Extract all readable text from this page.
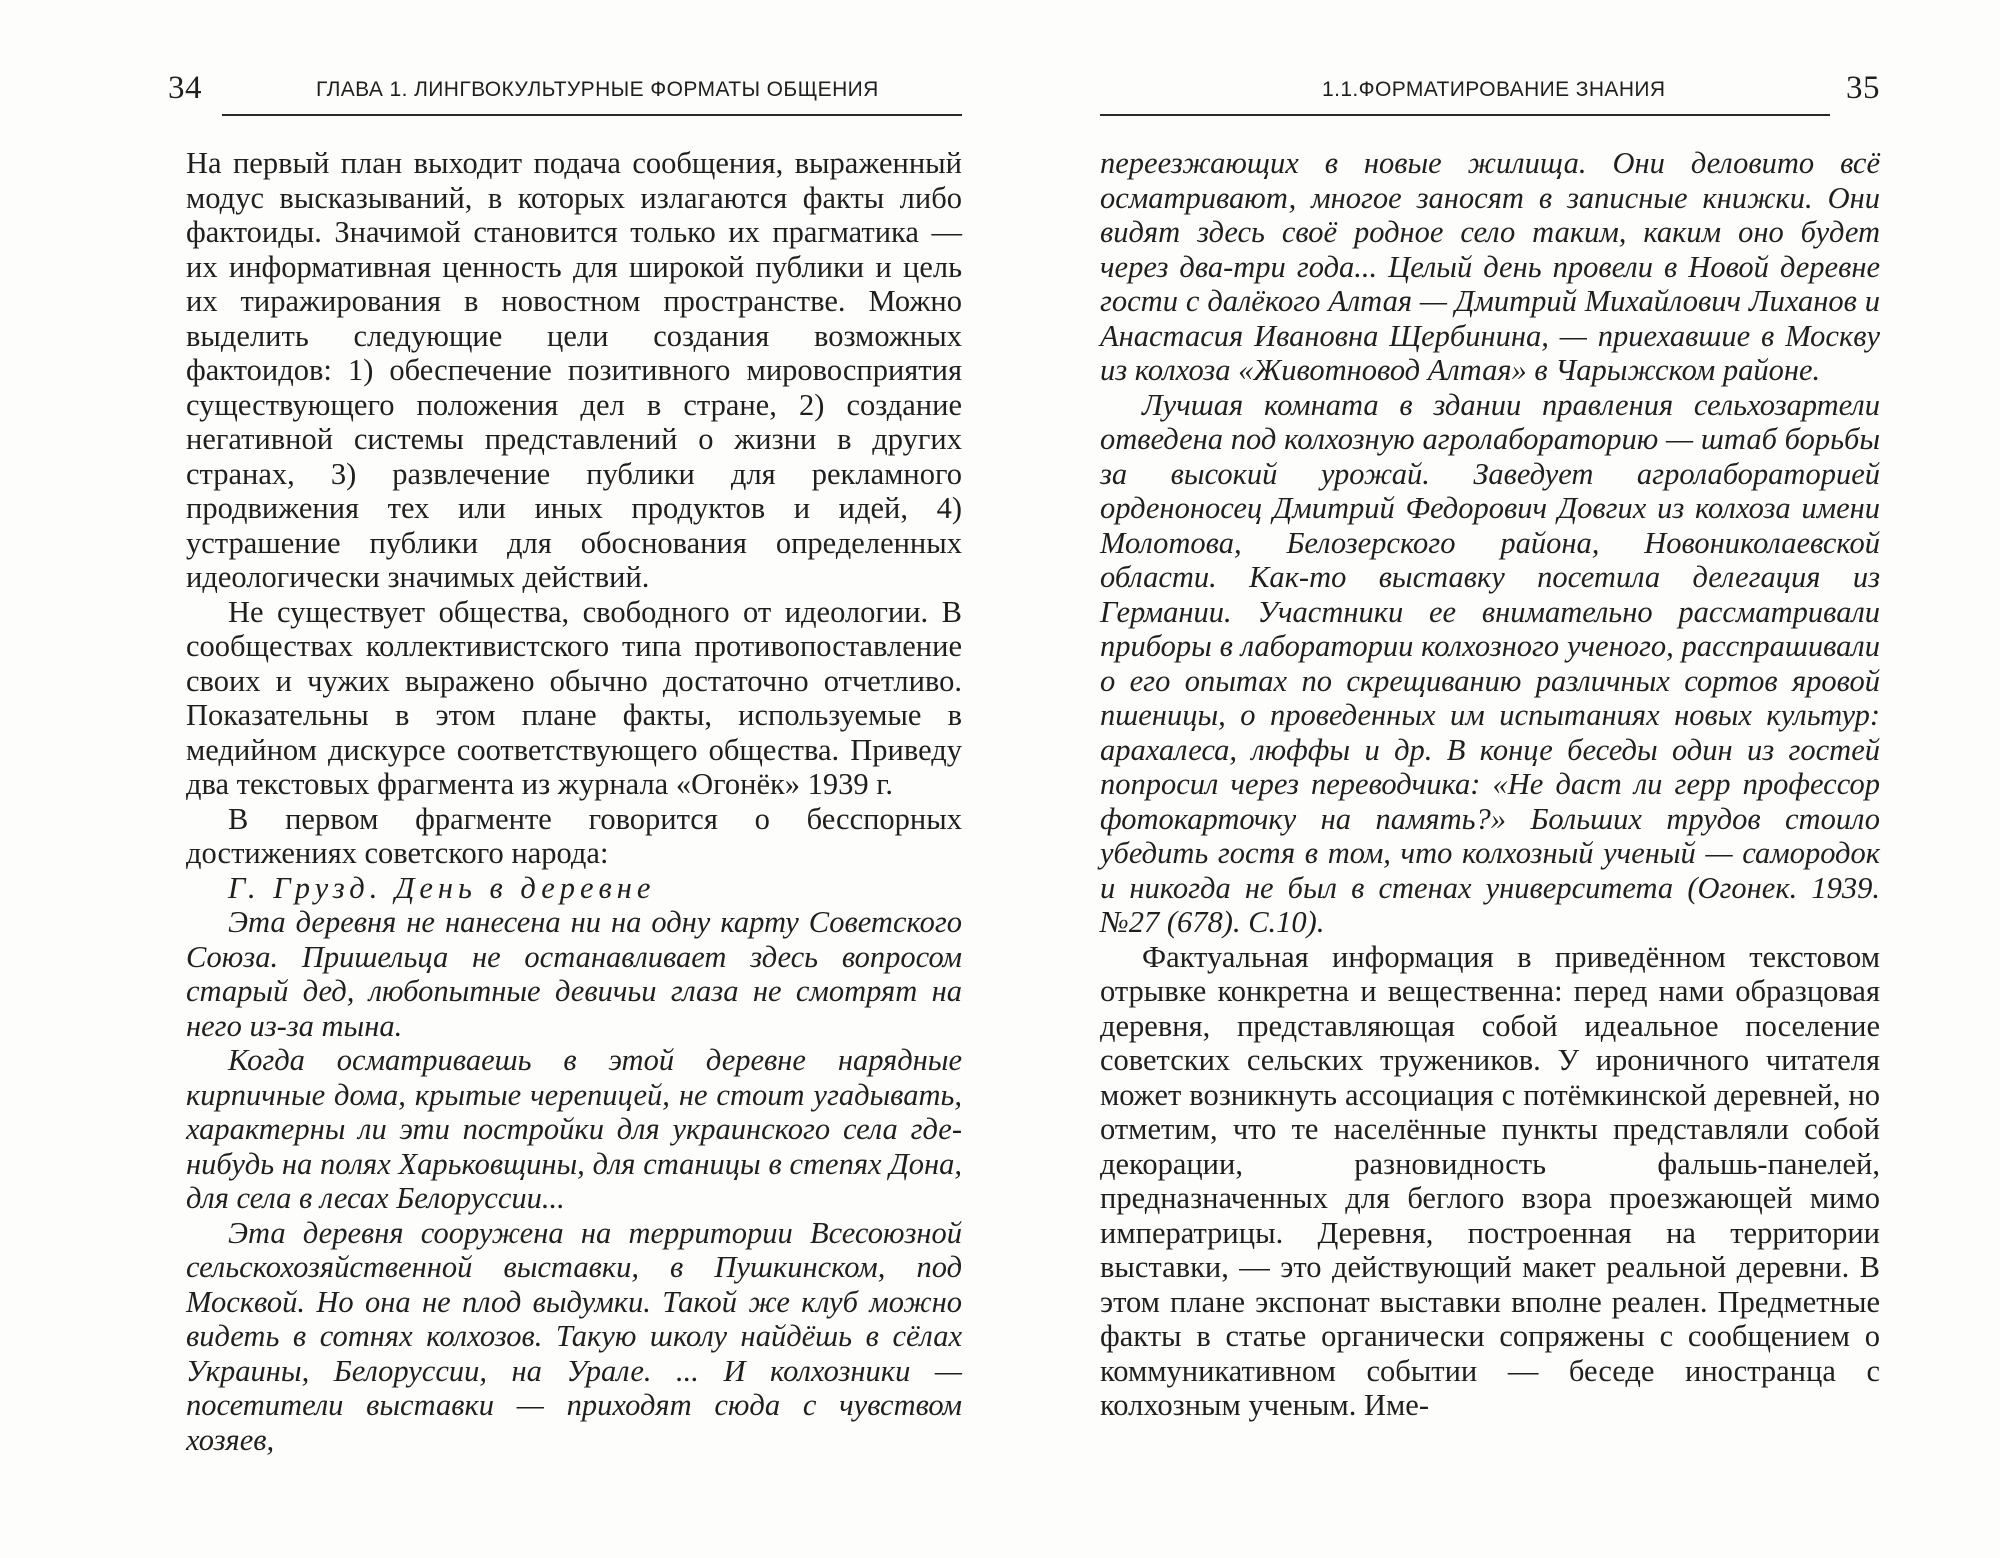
34	ГЛАВА 1. ЛИНГВОКУЛЬТУРНЫЕ ФОРМАТЫ ОБЩЕНИЯ

На первый план выходит подача сообщения, выраженный модус высказываний, в которых излагаются факты либо фактоиды. Значимой становится только их прагматика — их информативная ценность для широкой публики и цель их тиражирования в новостном пространстве. Можно выделить следующие цели создания возможных фактоидов: 1) обеспечение позитивного мировосприятия существующего положения дел в стране, 2) создание негативной системы представлений о жизни в других странах, 3) развлечение публики для рекламного продвижения тех или иных продуктов и идей, 4) устрашение публики для обоснования определенных идеологически значимых действий.

Не существует общества, свободного от идеологии. В сообществах коллективистского типа противопоставление своих и чужих выражено обычно достаточно отчетливо. Показательны в этом плане факты, используемые в медийном дискурсе соответствующего общества. Приведу два текстовых фрагмента из журнала «Огонёк» 1939 г.

В первом фрагменте говорится о бесспорных достижениях советского народа:

Г. Грузд. День в деревне

Эта деревня не нанесена ни на одну карту Советского Союза. Пришельца не останавливает здесь вопросом старый дед, любопытные девичьи глаза не смотрят на него из-за тына.

Когда осматриваешь в этой деревне нарядные кирпичные дома, крытые черепицей, не стоит угадывать, характерны ли эти постройки для украинского села где-нибудь на полях Харьковщины, для станицы в степях Дона, для села в лесах Белоруссии...

Эта деревня сооружена на территории Всесоюзной сельскохозяйственной выставки, в Пушкинском, под Москвой. Но она не плод выдумки. Такой же клуб можно видеть в сотнях колхозов. Такую школу найдёшь в сёлах Украины, Белоруссии, на Урале. ... И колхозники — посетители выставки — приходят сюда с чувством хозяев,

1.1.ФОРМАТИРОВАНИЕ ЗНАНИЯ	35

переезжающих в новые жилища. Они деловито всё осматривают, многое заносят в записные книжки. Они видят здесь своё родное село таким, каким оно будет через два-три года... Целый день провели в Новой деревне гости с далёкого Алтая — Дмитрий Михайлович Лиханов и Анастасия Ивановна Щербинина, — приехавшие в Москву из колхоза «Животновод Алтая» в Чарыжском районе.

Лучшая комната в здании правления сельхозартели отведена под колхозную агролабораторию — штаб борьбы за высокий урожай. Заведует агролабораторией орденоносец Дмитрий Федорович Довгих из колхоза имени Молотова, Белозерского района, Новониколаевской области. Как-то выставку посетила делегация из Германии. Участники ее внимательно рассматривали приборы в лаборатории колхозного ученого, расспрашивали о его опытах по скрещиванию различных сортов яровой пшеницы, о проведенных им испытаниях новых культур: арахалеса, люффы и др. В конце беседы один из гостей попросил через переводчика: «Не даст ли герр профессор фотокарточку на память?» Больших трудов стоило убедить гостя в том, что колхозный ученый — самородок и никогда не был в стенах университета (Огонек. 1939. №27 (678). С.10).

Фактуальная информация в приведённом текстовом отрывке конкретна и вещественна: перед нами образцовая деревня, представляющая собой идеальное поселение советских сельских тружеников. У ироничного читателя может возникнуть ассоциация с потёмкинской деревней, но отметим, что те населённые пункты представляли собой декорации, разновидность фальшь-панелей, предназначенных для беглого взора проезжающей мимо императрицы. Деревня, построенная на территории выставки, — это действующий макет реальной деревни. В этом плане экспонат выставки вполне реален. Предметные факты в статье органически сопряжены с сообщением о коммуникативном событии — беседе иностранца с колхозным ученым. Име-
